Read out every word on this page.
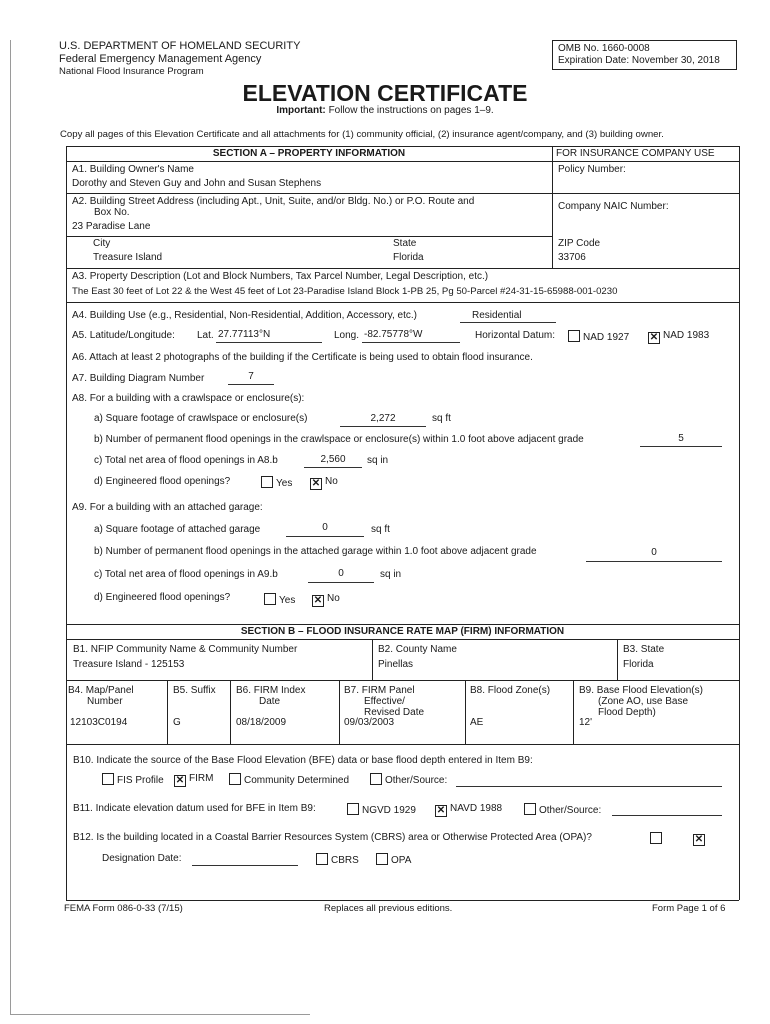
U.S. DEPARTMENT OF HOMELAND SECURITY
Federal Emergency Management Agency
National Flood Insurance Program
OMB No. 1660-0008
Expiration Date: November 30, 2018
ELEVATION CERTIFICATE
Important: Follow the instructions on pages 1–9.
Copy all pages of this Elevation Certificate and all attachments for (1) community official, (2) insurance agent/company, and (3) building owner.
SECTION A – PROPERTY INFORMATION	FOR INSURANCE COMPANY USE
A1. Building Owner's Name
Dorothy and Steven Guy and John and Susan Stephens
Policy Number:
A2. Building Street Address (including Apt., Unit, Suite, and/or Bldg. No.) or P.O. Route and
Box No.
23 Paradise Lane
Company NAIC Number:
City
Treasure Island
State
Florida
ZIP Code
33706
A3. Property Description (Lot and Block Numbers, Tax Parcel Number, Legal Description, etc.)
The East 30 feet of Lot 22 & the West 45 feet of Lot 23-Paradise Island Block 1-PB 25, Pg 50-Parcel #24-31-15-65988-001-0230
A4. Building Use (e.g., Residential, Non-Residential, Addition, Accessory, etc.)	Residential
A5. Latitude/Longitude: Lat. 27.77113°N	Long. -82.75778°W	Horizontal Datum:	NAD 1927 ✕ NAD 1983
A6. Attach at least 2 photographs of the building if the Certificate is being used to obtain flood insurance.
A7. Building Diagram Number	7
A8. For a building with a crawlspace or enclosure(s):
a) Square footage of crawlspace or enclosure(s)	2,272	sq ft
b) Number of permanent flood openings in the crawlspace or enclosure(s) within 1.0 foot above adjacent grade	5
c) Total net area of flood openings in A8.b	2,560	sq in
d) Engineered flood openings?	Yes ✕ No
A9. For a building with an attached garage:
a) Square footage of attached garage	0	sq ft
b) Number of permanent flood openings in the attached garage within 1.0 foot above adjacent grade	0
c) Total net area of flood openings in A9.b	0	sq in
d) Engineered flood openings?	Yes ✕ No
SECTION B – FLOOD INSURANCE RATE MAP (FIRM) INFORMATION
B1. NFIP Community Name & Community Number
Treasure Island - 125153
B2. County Name
Pinellas
B3. State
Florida
B4. Map/Panel
Number
12103C0194
B5. Suffix
G
B6. FIRM Index
Date
08/18/2009
B7. FIRM Panel
Effective/
Revised Date
09/03/2003
B8. Flood Zone(s)
AE
B9. Base Flood Elevation(s)
(Zone AO, use Base
Flood Depth)
12'
B10. Indicate the source of the Base Flood Elevation (BFE) data or base flood depth entered in Item B9:
FIS Profile ✕ FIRM	Community Determined	Other/Source:
B11. Indicate elevation datum used for BFE in Item B9:	NGVD 1929 ✕ NAVD 1988	Other/Source:
B12. Is the building located in a Coastal Barrier Resources System (CBRS) area or Otherwise Protected Area (OPA)?	✕
Designation Date:	CBRS	OPA
FEMA Form 086-0-33 (7/15)	Replaces all previous editions.	Form Page 1 of 6
